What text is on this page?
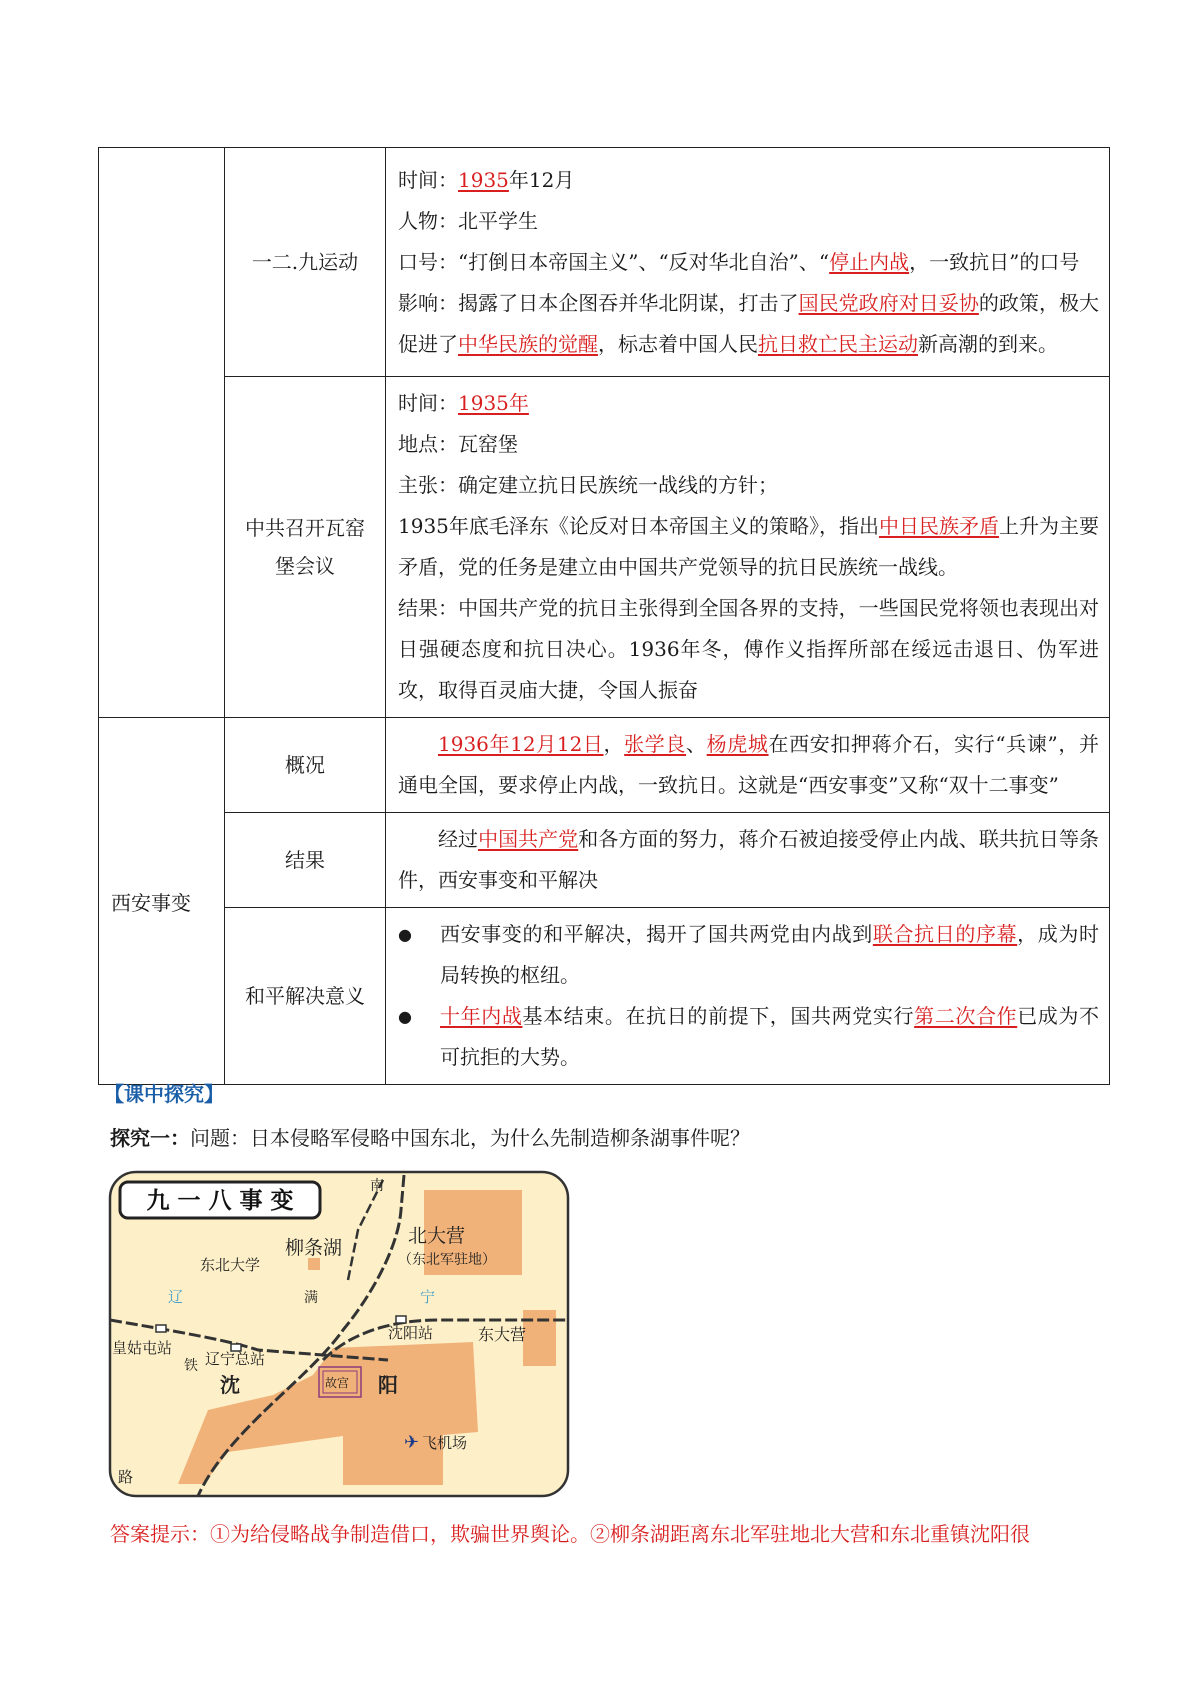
	一二.九运动	时间：1935年12月

人物：北平学生

口号：“打倒日本帝国主义”、“反对华北自治”、“停止内战，一致抗日”的口号

影响：揭露了日本企图吞并华北阴谋，打击了国民党政府对日妥协的政策，极大促进了中华民族的觉醒，标志着中国人民抗日救亡民主运动新高潮的到来。

	中共召开瓦窑堡会议	时间：1935年

地点：瓦窑堡

主张：确定建立抗日民族统一战线的方针；

1935年底毛泽东《论反对日本帝国主义的策略》，指出中日民族矛盾上升为主要矛盾，党的任务是建立由中国共产党领导的抗日民族统一战线。

结果：中国共产党的抗日主张得到全国各界的支持，一些国民党将领也表现出对日强硬态度和抗日决心。1936年冬，傅作义指挥所部在绥远击退日、伪军进攻，取得百灵庙大捷，令国人振奋

西安事变	概况	1936年12月12日，张学良、杨虎城在西安扣押蒋介石，实行“兵谏”，并通电全国，要求停止内战，一致抗日。这就是“西安事变”又称“双十二事变”

	结果	经过中国共产党和各方面的努力，蒋介石被迫接受停止内战、联共抗日等条件，西安事变和平解决

	和平解决意义	● 西安事变的和平解决，揭开了国共两党由内战到联合抗日的序幕，成为时局转换的枢纽。
● 十年内战基本结束。在抗日的前提下，国共两党实行第二次合作已成为不可抗拒的大势。
【课中探究】
探究一：问题：日本侵略军侵略中国东北，为什么先制造柳条湖事件呢？
九 一 八 事 变
南
柳条湖
东北大学
北大营
（东北军驻地）
辽	宁
满
沈阳站	东大营
皇姑屯站
辽宁总站
铁
沈	阳
故宫
✈ 飞机场
路
答案提示：①为给侵略战争制造借口，欺骗世界舆论。②柳条湖距离东北军驻地北大营和东北重镇沈阳很
